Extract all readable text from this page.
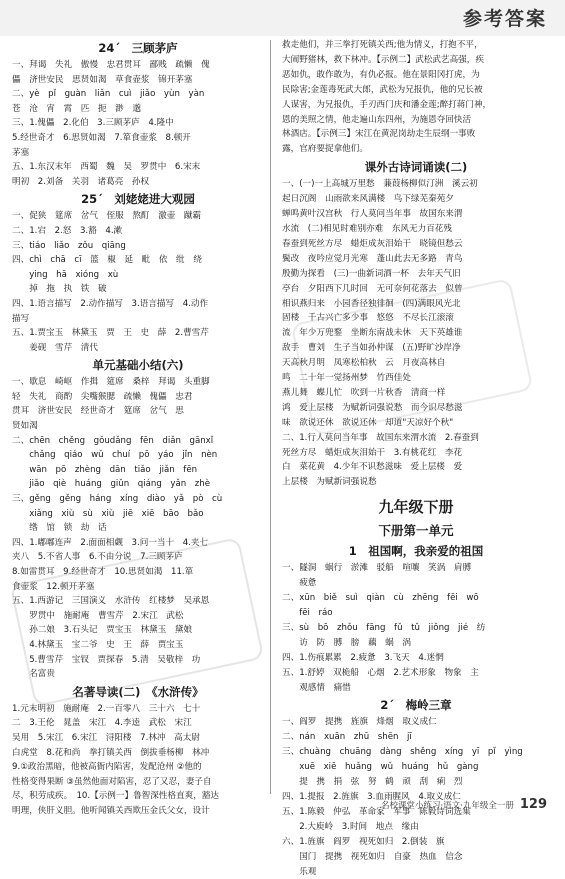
参考答案
24ˊ　三顾茅庐
一、拜谒　失礼　傲慢　忠君贯耳　鄙贱　疏懒　傀
儡　济世安民　思贤如渴　草食壶浆　锦开茅塞
二、yè　pǐ　guàn　liǎn　cuì　jiǎo　yùn　yàn
苍　沧　宵　霄　匹　扼　渺　邈
三、1.傀儡　2.化伯　3.三顾茅庐　4.隆中
5.经世奇才　6.思贤如渴　7.箪食壶浆　8.顿开
茅塞
五、1.东汉末年　西蜀　魏　吴　罗贯中　6.宋末
明初　2.刘备　关羽　诸葛亮　孙权
25ˊ　刘姥姥进大观园
一、促狭　筵席　岔气　侄服　熬酊　激壶　蹴霸
二、1.宕　2.怒　3.豁　4.漱
三、tiáo　liǎo　zǒu　qiāng
四、chì　chā　cī　篮　椒　延　毗　依　纰　绕
　　ying　hā　xióng　xù
　　掉　拖　执　铁　破
四、1.语言描写　2.动作描写　3.语言描写　4.动作
描写
五、1.贾宝玉　林黛玉　贾　王　史　薛　2.曹雪芹
　　姜砚　雪芹　清代
单元基础小结(六)
一、歇息　崎岖　作揖　筵席　桑梓　拜谒　头重脚
轻　失礼　商酌　尖嘴猴腮　疏懒　傀儡　忠君
贯耳　济世安民　经世奇才　筵席　岔气　思
贤如渴
二、chēn　chěng　gǒudǎng　fēn　diǎn　gānxǐ
　　chǎng　qiáo　wǔ　chuí　pō　yáo　jǐn　nèn
　　wān　pō　zhèng　dān　tiǎo　jiǎn　fēn
　　jiǎo　qiè　huáng　giǔn　qiáng　yǎn　zhè
三、gěng　gěng　háng　xíng　diào　yǎ　pò　cù
　　xiǎng　xiù　sù　xiù　jiē　xiē　bāo　bǎo
　　绺　馆　锁　劫　话
四、1.嘟嘟连声　2.面面相觑　3.问一当十　4.夹七
夹八　5.不省人事　6.不由分说　7.三顾茅庐
8.如雷贯耳　9.经世奇才　10.思贤如渴　11.箪
食壶浆　12.顿开茅塞
五、1.西游记　三国演义　水浒传　红楼梦　吴承恩
　　罗贯中　施耐庵　曹雪芹　2.宋江　武松
　　孙二娘　3.石头记　贾宝玉　林黛玉　黛娘
　　4.林黛玉　宝二爷　史　王　薛　贾宝玉
　　5.曹雪芹　宝钗　贾探春　5.清　吴敬梓　功
　　名富贵
名著导读(二)　《水浒传》
1.元末明初　施耐庵　2.一百零八　三十六　七十
二　3.王伦　晁盖　宋江　4.李逵　武松　宋江
吴用　5.宋江　6.宋江　浔阳楼　7.林冲　高太尉
白虎堂　8.花和尚　拳打镇关西　倒拔垂杨柳　林冲
9.①政治黑暗，他被高衙内陷害，发配沧州 ②他的
性格变得果断 ③虽然他面对陷害，忍了又忍，妻子自
尽，积劳成疾。　10.【示例一】鲁智深性格直爽，豁达
明理，侠肝义胆。他听闻镇关西欺压金氏父女，设计
救走他们，并三拳打死镇关西;他为情义，打抱不平，
大闹野猪林，救下林冲。【示例二】武松武艺高强，疾
恶如仇，敢作敢为，有仇必报。他在景阳冈打虎，为
民除害;金莲毒死武大郎，武松为兄报仇，他的兄长被
人谋害，为兄报仇，手刃西门庆和潘金莲;醉打蒋门神，
恩的美照之情，他走遍山东四州，为施恩夺回快活
林酒店。【示例三】宋江在黄泥岗劫走生辰纲一事败
露，官府要捉拿他们。
课外古诗词诵读(二)
一、(一)一上高城万里愁　蒹葭杨柳似汀洲　溪云初
起日沉阁　山雨欲来风满楼　鸟下绿芜秦苑夕
蝉鸣黄叶汉宫秋　行人莫问当年事　故国东来渭
水流　(二)相见时难别亦难　东风无力百花残
春蚕到死丝方尽　蜡炬成灰泪始干　晓镜但愁云
鬓改　夜吟应觉月光寒　蓬山此去无多路　青鸟
殷勤为探看　(三)一曲新词酒一杯　去年天气旧
亭台　夕阳西下几时回　无可奈何花落去　似曾
相识燕归来　小园香径独徘徊　(四)满眼风光北
固楼　千古兴亡多少事　悠悠　不尽长江滚滚
流　年少万兜鍪　坐断东南战未休　天下英雄谁
敌手　曹刘　生子当如孙仲谋　(五)野旷沙岸净
天高秋月明　凤寒松柏秋　云　月夜高林自
鸣　二十年一觉扬州梦　竹西佳处
燕儿舞　蝶儿忙　吹到一片秋香　清商一样
鸿　爱上层楼　为赋新词强说愁　而今识尽愁滋
味　欲说还休　欲说还休　却道"天凉好个秋"
二、1.行人莫问当年事　故国东来渭水流　2.春蚕到
死丝方尽　蜡炬成灰泪始干　3.有桃花红　李花
白　菜花黄　4.少年不识愁滋味　爱上层楼　爱
上层楼　为赋新词强说愁
九年级下册
下册第一单元
1　祖国啊，我亲爱的祖国
一、隧洞　蜗行　淤滩　驳船　喧嚷　笑涡　肩膊
　　疲惫
二、xūn　biě　suì　qiàn　cù　zhēng　fēi　wō
　　fēi　ráo
三、sù　bō　zhǒu　fāng　fǔ　tǔ　jiǒng　jié　纺
　　访　防　膊　膀　藕　蜗　涡
四、1.伤痕累累　2.疲惫　3.飞天　4.迷惘
五、1.舒婷　双桅船　心烟　2.艺术形象　物象　主
　　观感情　痛惜
2ˊ　梅岭三章
一、阎罗　提携　旌旗　烽烟　取义成仁
二、nán　xuān　zhū　shēn　jī
三、chuàng　chuāng　dàng　shěng　xíng　yī　pǐ　yìng
　　xuē　xiē　huǎng　wǔ　huáng　hǔ　gàng
　　提　携　捐　弦　努　鹤　顽　刮　痢　烈
四、1.提报　2.旌旗　3.血雨腥风　4.取义成仁
五、1.陈毅　仲弘　革命家　军事　陈毅诗词选集
　　2.大庾岭　3.时间　地点　缘由
六、1.旌旗　阎罗　视死如归　2.倒装　旗
　　国门　提携　视死如归　自豪　热血　信念
　　乐观
名校课堂小练习·语文·九年级全一册 129
